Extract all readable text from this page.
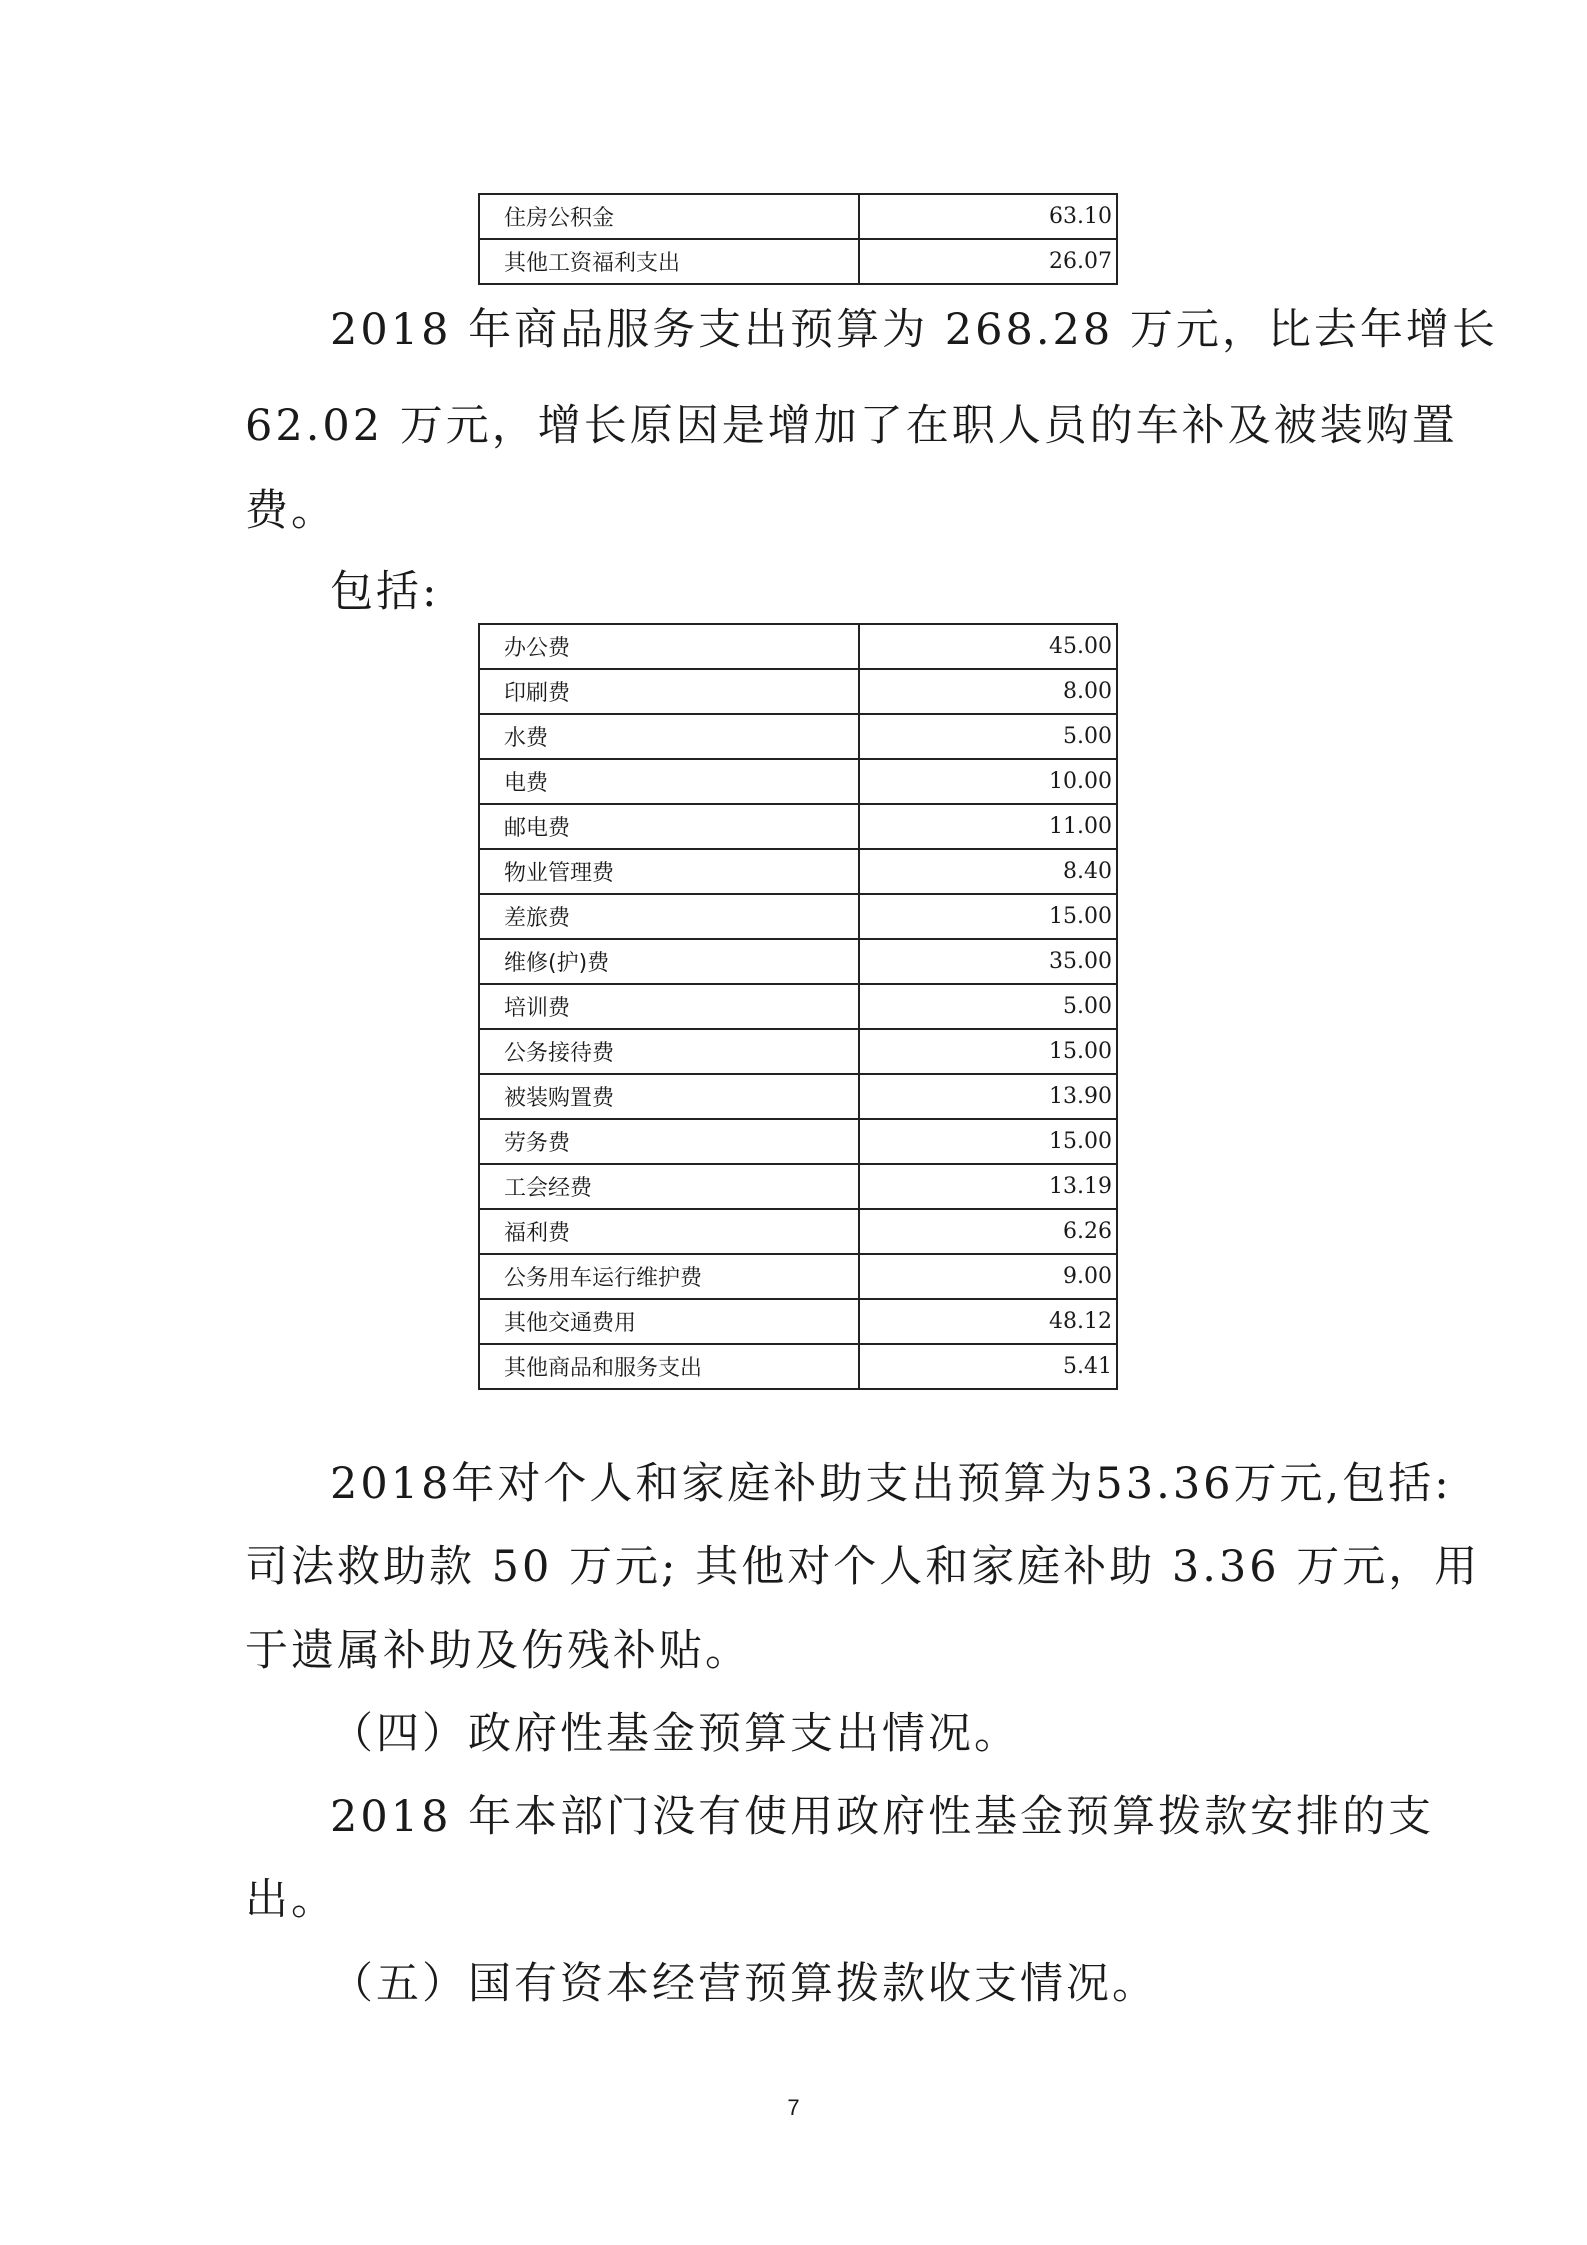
住房公积金	63.10
其他工资福利支出	26.07
2018 年商品服务支出预算为 268.28 万元，比去年增长
62.02 万元，增长原因是增加了在职人员的车补及被装购置
费。
包括:
办公费	45.00
印刷费	8.00
水费	5.00
电费	10.00
邮电费	11.00
物业管理费	8.40
差旅费	15.00
维修(护)费	35.00
培训费	5.00
公务接待费	15.00
被装购置费	13.90
劳务费	15.00
工会经费	13.19
福利费	6.26
公务用车运行维护费	9.00
其他交通费用	48.12
其他商品和服务支出	5.41
2018年对个人和家庭补助支出预算为53.36万元,包括:
司法救助款 50 万元; 其他对个人和家庭补助 3.36 万元，用
于遗属补助及伤残补贴。
（四）政府性基金预算支出情况。
2018 年本部门没有使用政府性基金预算拨款安排的支
出。
（五）国有资本经营预算拨款收支情况。
7
